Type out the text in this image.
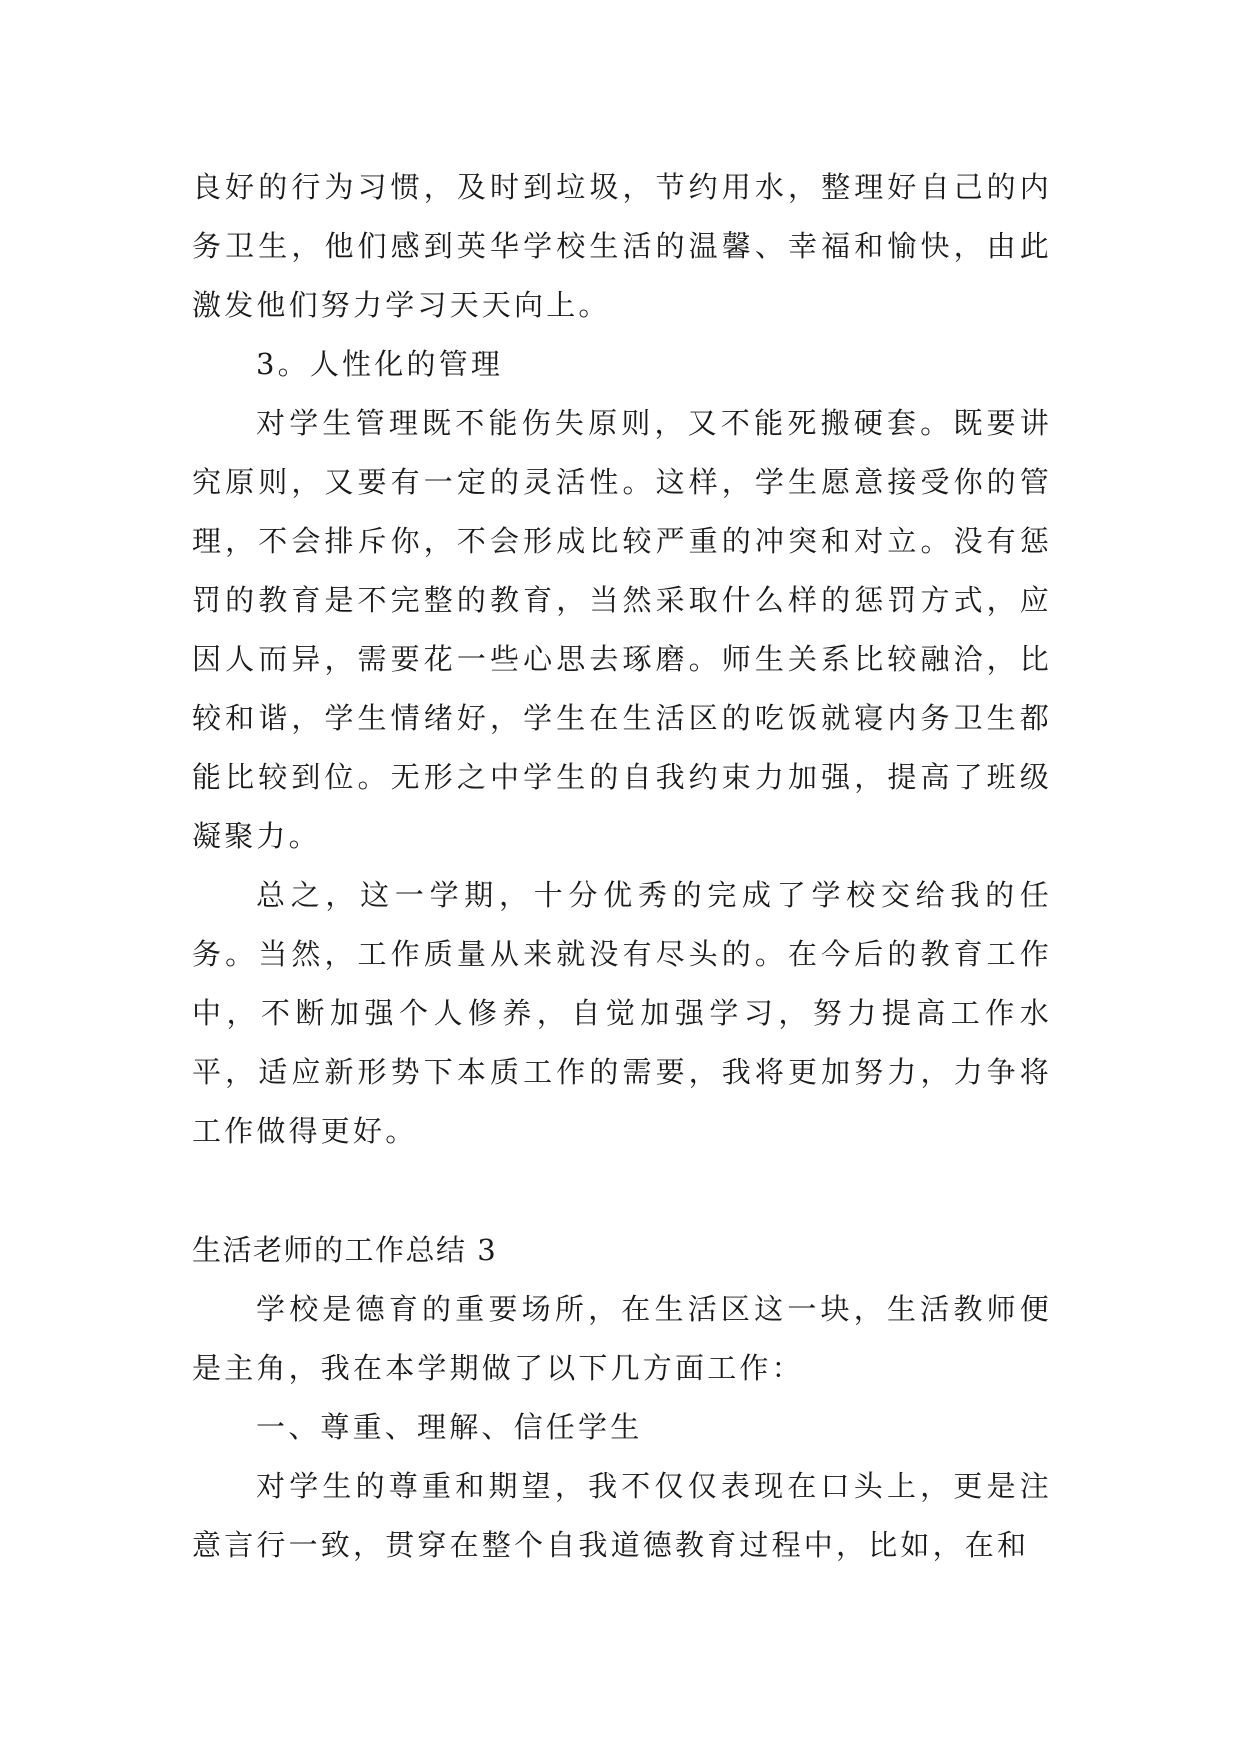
良好的行为习惯，及时到垃圾，节约用水，整理好自己的内务卫生，他们感到英华学校生活的温馨、幸福和愉快，由此激发他们努力学习天天向上。

3。人性化的管理

对学生管理既不能伤失原则，又不能死搬硬套。既要讲究原则，又要有一定的灵活性。这样，学生愿意接受你的管理，不会排斥你，不会形成比较严重的冲突和对立。没有惩罚的教育是不完整的教育，当然采取什么样的惩罚方式，应因人而异，需要花一些心思去琢磨。师生关系比较融洽，比较和谐，学生情绪好，学生在生活区的吃饭就寝内务卫生都能比较到位。无形之中学生的自我约束力加强，提高了班级凝聚力。

总之，这一学期，十分优秀的完成了学校交给我的任务。当然，工作质量从来就没有尽头的。在今后的教育工作中，不断加强个人修养，自觉加强学习，努力提高工作水平，适应新形势下本质工作的需要，我将更加努力，力争将工作做得更好。

生活老师的工作总结 3

学校是德育的重要场所，在生活区这一块，生活教师便是主角，我在本学期做了以下几方面工作：

一、尊重、理解、信任学生

对学生的尊重和期望，我不仅仅表现在口头上，更是注意言行一致，贯穿在整个自我道德教育过程中，比如，在和
